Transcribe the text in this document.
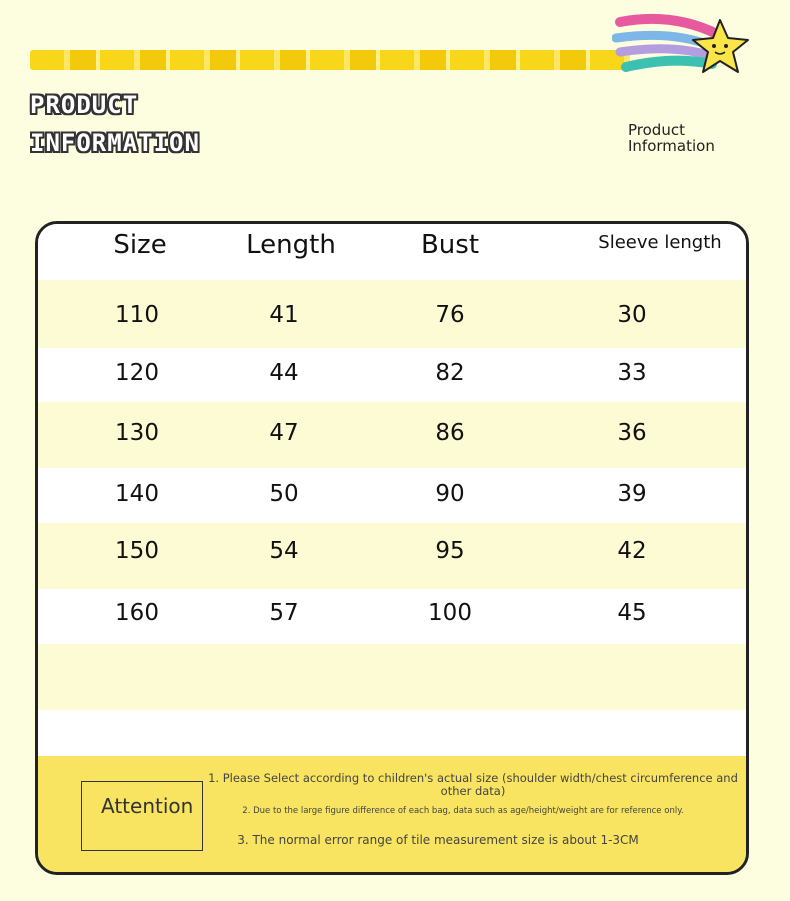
PRODUCT
INFORMATION	Product
Information
Size	Length	Bust	Sleeve length
110	41	76	30
120	44	82	33
130	47	86	36
140	50	90	39
150	54	95	42
160	57	100	45
Attention
1. Please Select according to children's actual size (shoulder width/chest circumference and other data)
2. Due to the large figure difference of each bag, data such as age/height/weight are for reference only.
3. The normal error range of tile measurement size is about 1-3CM
